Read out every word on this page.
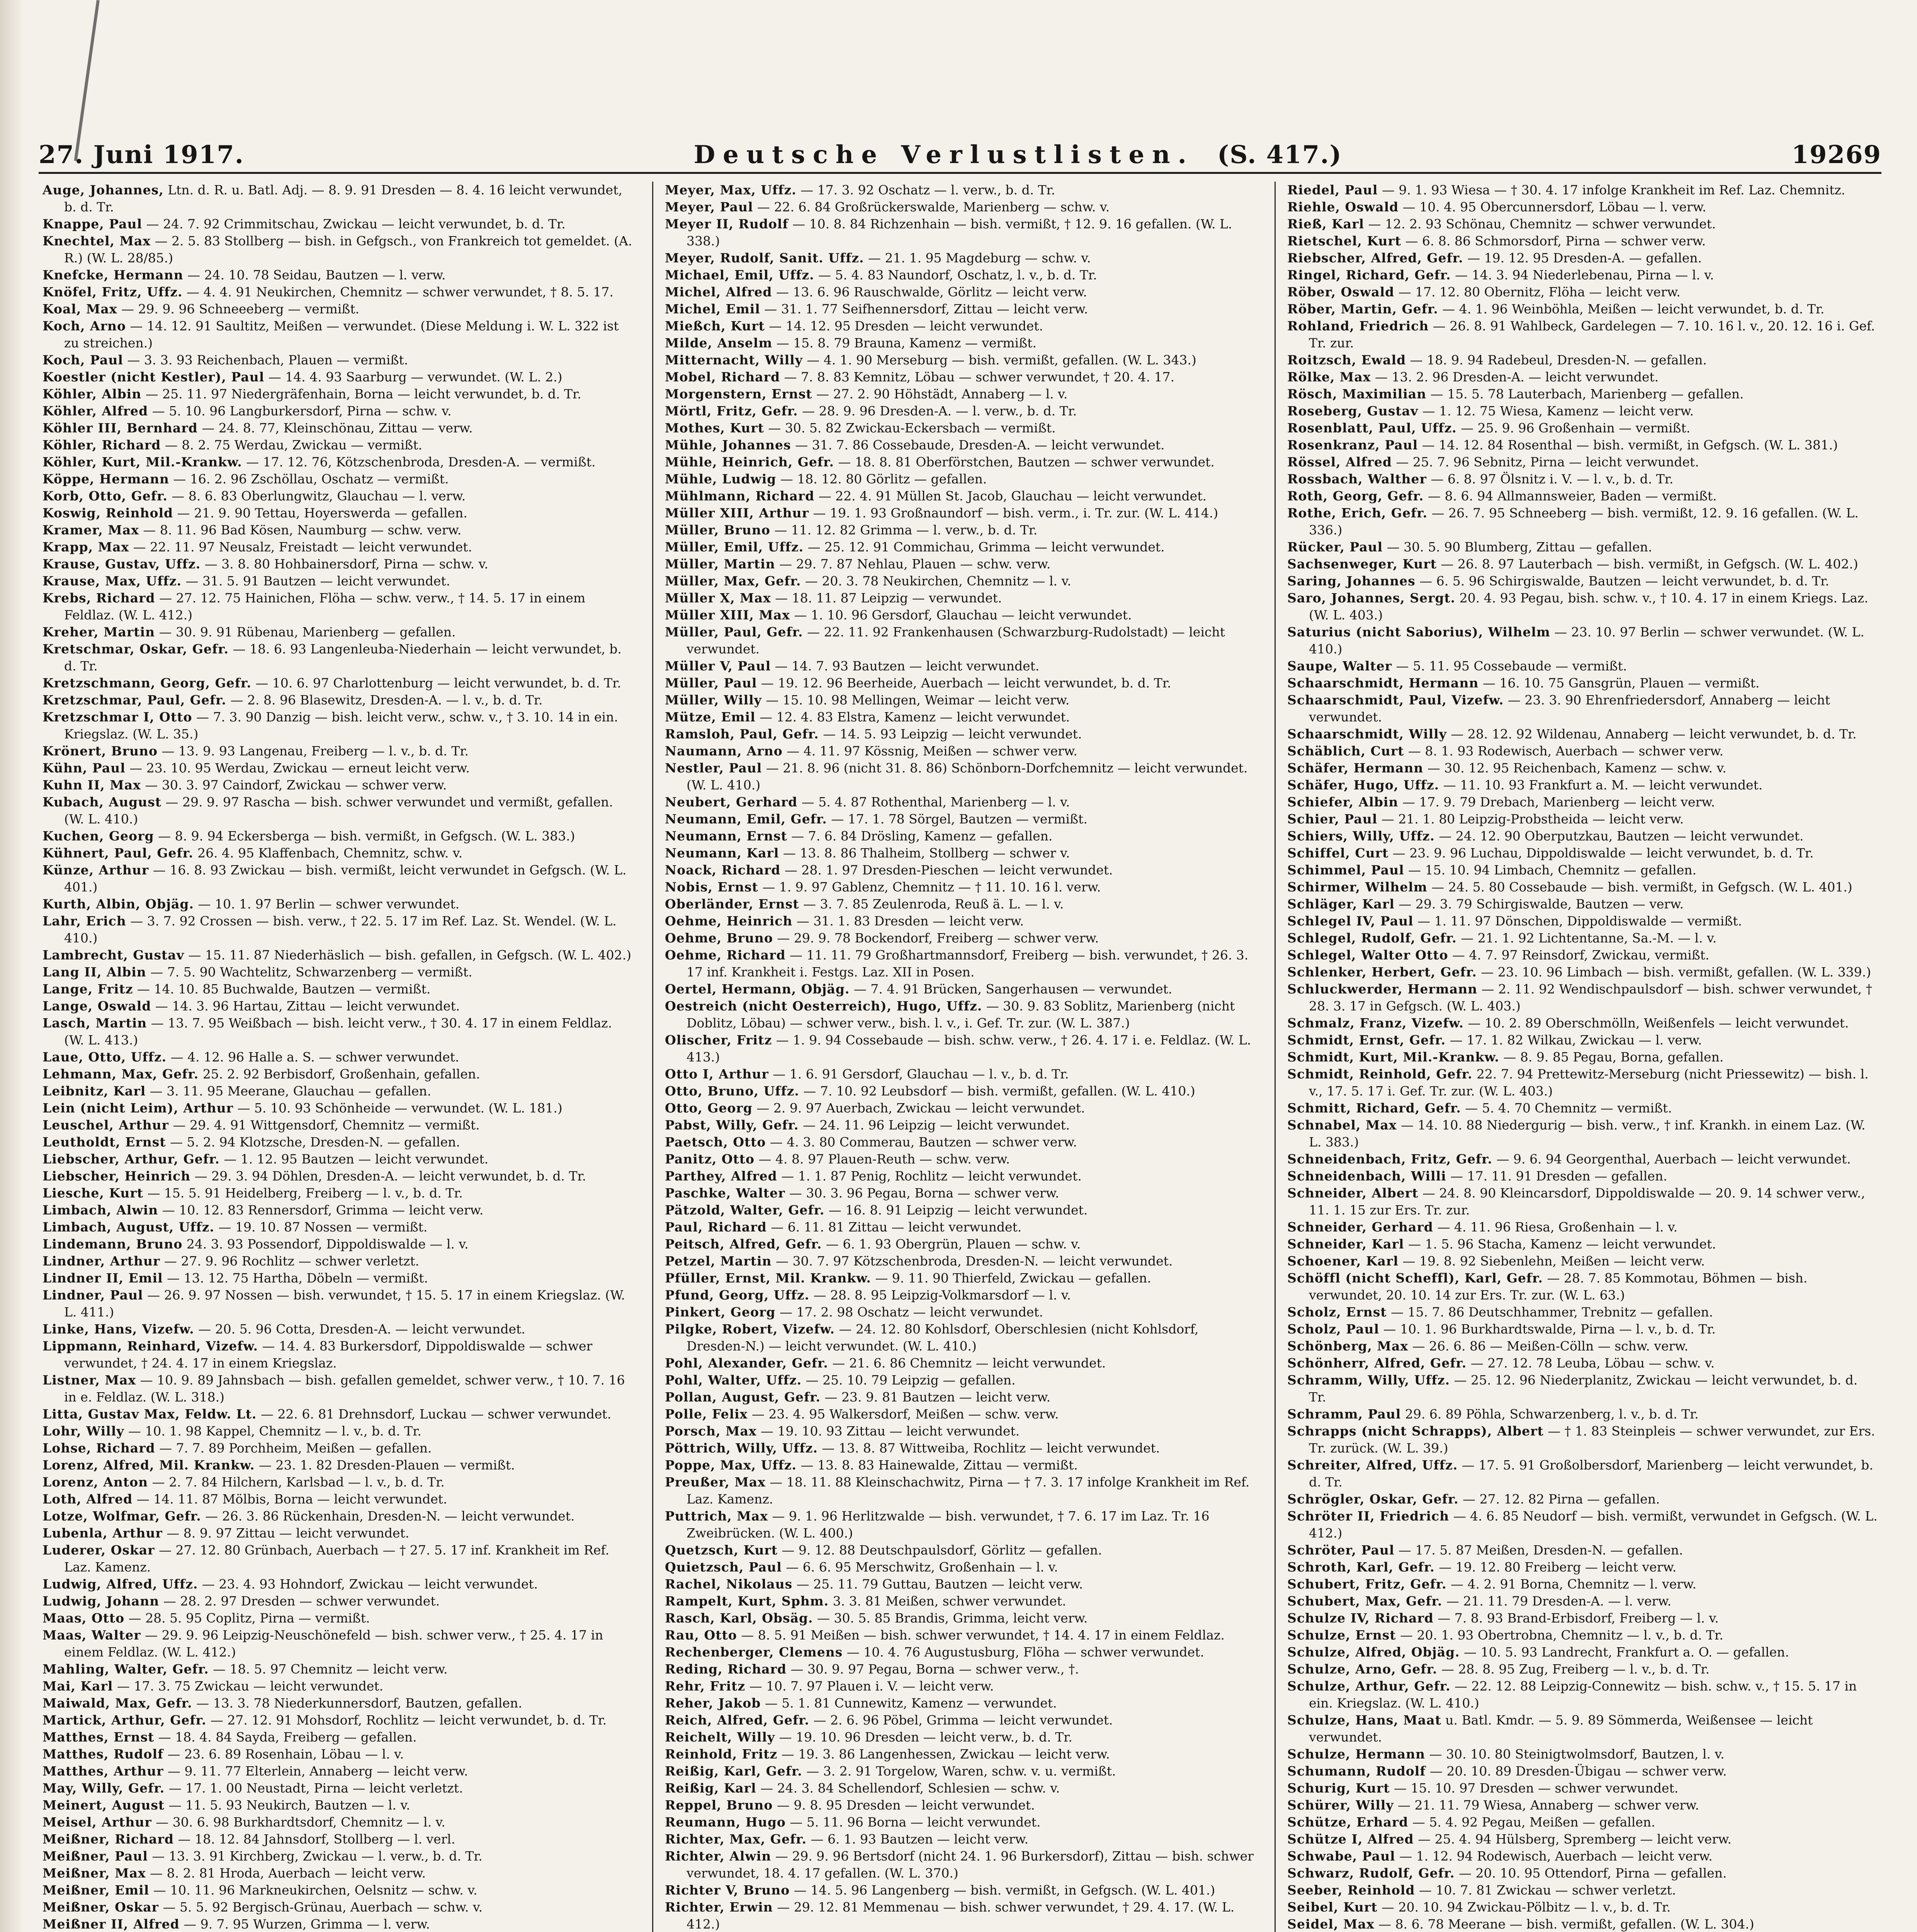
27. Juni 1917.	Deutsche Verlustlisten. (S. 417.)	19269

Auge, Johannes, Ltn. d. R. u. Batl. Adj. — 8. 9. 91 Dresden — 8. 4. 16 leicht verwundet, b. d. Tr.

Knappe, Paul — 24. 7. 92 Crimmitschau, Zwickau — leicht verwundet, b. d. Tr.

Knechtel, Max — 2. 5. 83 Stollberg — bish. in Gefgsch., von Frankreich tot gemeldet. (A. R.) (W. L. 28/85.)

Knefcke, Hermann — 24. 10. 78 Seidau, Bautzen — l. verw.

Knöfel, Fritz, Uffz. — 4. 4. 91 Neukirchen, Chemnitz — schwer verwundet, † 8. 5. 17.

Koal, Max — 29. 9. 96 Schneeeberg — vermißt.

Koch, Arno — 14. 12. 91 Saultitz, Meißen — verwundet. (Diese Meldung i. W. L. 322 ist zu streichen.)

Koch, Paul — 3. 3. 93 Reichenbach, Plauen — vermißt.

Koestler (nicht Kestler), Paul — 14. 4. 93 Saarburg — verwundet. (W. L. 2.)

Köhler, Albin — 25. 11. 97 Niedergräfenhain, Borna — leicht verwundet, b. d. Tr.

Köhler, Alfred — 5. 10. 96 Langburkersdorf, Pirna — schw. v.

Köhler III, Bernhard — 24. 8. 77, Kleinschönau, Zittau — verw.

Köhler, Richard — 8. 2. 75 Werdau, Zwickau — vermißt.

Köhler, Kurt, Mil.-Krankw. — 17. 12. 76, Kötzschenbroda, Dresden-A. — vermißt.

Köppe, Hermann — 16. 2. 96 Zschöllau, Oschatz — vermißt.

Korb, Otto, Gefr. — 8. 6. 83 Oberlungwitz, Glauchau — l. verw.

Koswig, Reinhold — 21. 9. 90 Tettau, Hoyerswerda — gefallen.

Kramer, Max — 8. 11. 96 Bad Kösen, Naumburg — schw. verw.

Krapp, Max — 22. 11. 97 Neusalz, Freistadt — leicht verwundet.

Krause, Gustav, Uffz. — 3. 8. 80 Hohbainersdorf, Pirna — schw. v.

Krause, Max, Uffz. — 31. 5. 91 Bautzen — leicht verwundet.

Krebs, Richard — 27. 12. 75 Hainichen, Flöha — schw. verw., † 14. 5. 17 in einem Feldlaz. (W. L. 412.)

Kreher, Martin — 30. 9. 91 Rübenau, Marienberg — gefallen.

Kretschmar, Oskar, Gefr. — 18. 6. 93 Langenleuba-Niederhain — leicht verwundet, b. d. Tr.

Kretzschmann, Georg, Gefr. — 10. 6. 97 Charlottenburg — leicht verwundet, b. d. Tr.

Kretzschmar, Paul, Gefr. — 2. 8. 96 Blasewitz, Dresden-A. — l. v., b. d. Tr.

Kretzschmar I, Otto — 7. 3. 90 Danzig — bish. leicht verw., schw. v., † 3. 10. 14 in ein. Kriegslaz. (W. L. 35.)

Krönert, Bruno — 13. 9. 93 Langenau, Freiberg — l. v., b. d. Tr.

Kühn, Paul — 23. 10. 95 Werdau, Zwickau — erneut leicht verw.

Kuhn II, Max — 30. 3. 97 Caindorf, Zwickau — schwer verw.

Kubach, August — 29. 9. 97 Rascha — bish. schwer verwundet und vermißt, gefallen. (W. L. 410.)

Kuchen, Georg — 8. 9. 94 Eckersberga — bish. vermißt, in Gefgsch. (W. L. 383.)

Kühnert, Paul, Gefr. 26. 4. 95 Klaffenbach, Chemnitz, schw. v.

Künze, Arthur — 16. 8. 93 Zwickau — bish. vermißt, leicht verwundet in Gefgsch. (W. L. 401.)

Kurth, Albin, Objäg. — 10. 1. 97 Berlin — schwer verwundet.

Lahr, Erich — 3. 7. 92 Crossen — bish. verw., † 22. 5. 17 im Ref. Laz. St. Wendel. (W. L. 410.)

Lambrecht, Gustav — 15. 11. 87 Niederhäslich — bish. gefallen, in Gefgsch. (W. L. 402.)

Lang II, Albin — 7. 5. 90 Wachtelitz, Schwarzenberg — vermißt.

Lange, Fritz — 14. 10. 85 Buchwalde, Bautzen — vermißt.

Lange, Oswald — 14. 3. 96 Hartau, Zittau — leicht verwundet.

Lasch, Martin — 13. 7. 95 Weißbach — bish. leicht verw., † 30. 4. 17 in einem Feldlaz. (W. L. 413.)

Laue, Otto, Uffz. — 4. 12. 96 Halle a. S. — schwer verwundet.

Lehmann, Max, Gefr. 25. 2. 92 Berbisdorf, Großenhain, gefallen.

Leibnitz, Karl — 3. 11. 95 Meerane, Glauchau — gefallen.

Lein (nicht Leim), Arthur — 5. 10. 93 Schönheide — verwundet. (W. L. 181.)

Leuschel, Arthur — 29. 4. 91 Wittgensdorf, Chemnitz — vermißt.

Leutholdt, Ernst — 5. 2. 94 Klotzsche, Dresden-N. — gefallen.

Liebscher, Arthur, Gefr. — 1. 12. 95 Bautzen — leicht verwundet.

Liebscher, Heinrich — 29. 3. 94 Döhlen, Dresden-A. — leicht verwundet, b. d. Tr.

Liesche, Kurt — 15. 5. 91 Heidelberg, Freiberg — l. v., b. d. Tr.

Limbach, Alwin — 10. 12. 83 Rennersdorf, Grimma — leicht verw.

Limbach, August, Uffz. — 19. 10. 87 Nossen — vermißt.

Lindemann, Bruno 24. 3. 93 Possendorf, Dippoldiswalde — l. v.

Lindner, Arthur — 27. 9. 96 Rochlitz — schwer verletzt.

Lindner II, Emil — 13. 12. 75 Hartha, Döbeln — vermißt.

Lindner, Paul — 26. 9. 97 Nossen — bish. verwundet, † 15. 5. 17 in einem Kriegslaz. (W. L. 411.)

Linke, Hans, Vizefw. — 20. 5. 96 Cotta, Dresden-A. — leicht verwundet.

Lippmann, Reinhard, Vizefw. — 14. 4. 83 Burkersdorf, Dippoldiswalde — schwer verwundet, † 24. 4. 17 in einem Kriegslaz.

Listner, Max — 10. 9. 89 Jahnsbach — bish. gefallen gemeldet, schwer verw., † 10. 7. 16 in e. Feldlaz. (W. L. 318.)

Litta, Gustav Max, Feldw. Lt. — 22. 6. 81 Drehnsdorf, Luckau — schwer verwundet.

Lohr, Willy — 10. 1. 98 Kappel, Chemnitz — l. v., b. d. Tr.

Lohse, Richard — 7. 7. 89 Porchheim, Meißen — gefallen.

Lorenz, Alfred, Mil. Krankw. — 23. 1. 82 Dresden-Plauen — vermißt.

Lorenz, Anton — 2. 7. 84 Hilchern, Karlsbad — l. v., b. d. Tr.

Loth, Alfred — 14. 11. 87 Mölbis, Borna — leicht verwundet.

Lotze, Wolfmar, Gefr. — 26. 3. 86 Rückenhain, Dresden-N. — leicht verwundet.

Lubenla, Arthur — 8. 9. 97 Zittau — leicht verwundet.

Luderer, Oskar — 27. 12. 80 Grünbach, Auerbach — † 27. 5. 17 inf. Krankheit im Ref. Laz. Kamenz.

Ludwig, Alfred, Uffz. — 23. 4. 93 Hohndorf, Zwickau — leicht verwundet.

Ludwig, Johann — 28. 2. 97 Dresden — schwer verwundet.

Maas, Otto — 28. 5. 95 Coplitz, Pirna — vermißt.

Maas, Walter — 29. 9. 96 Leipzig-Neuschönefeld — bish. schwer verw., † 25. 4. 17 in einem Feldlaz. (W. L. 412.)

Mahling, Walter, Gefr. — 18. 5. 97 Chemnitz — leicht verw.

Mai, Karl — 17. 3. 75 Zwickau — leicht verwundet.

Maiwald, Max, Gefr. — 13. 3. 78 Niederkunnersdorf, Bautzen, gefallen.

Martick, Arthur, Gefr. — 27. 12. 91 Mohsdorf, Rochlitz — leicht verwundet, b. d. Tr.

Matthes, Ernst — 18. 4. 84 Sayda, Freiberg — gefallen.

Matthes, Rudolf — 23. 6. 89 Rosenhain, Löbau — l. v.

Matthes, Arthur — 9. 11. 77 Elterlein, Annaberg — leicht verw.

May, Willy, Gefr. — 17. 1. 00 Neustadt, Pirna — leicht verletzt.

Meinert, August — 11. 5. 93 Neukirch, Bautzen — l. v.

Meisel, Arthur — 30. 6. 98 Burkhardtsdorf, Chemnitz — l. v.

Meißner, Richard — 18. 12. 84 Jahnsdorf, Stollberg — l. verl.

Meißner, Paul — 13. 3. 91 Kirchberg, Zwickau — l. verw., b. d. Tr.

Meißner, Max — 8. 2. 81 Hroda, Auerbach — leicht verw.

Meißner, Emil — 10. 11. 96 Markneukirchen, Oelsnitz — schw. v.

Meißner, Oskar — 5. 5. 92 Bergisch-Grünau, Auerbach — schw. v.

Meißner II, Alfred — 9. 7. 95 Wurzen, Grimma — l. verw.

Meyer, Max, Uffz. — 17. 3. 92 Oschatz — l. verw., b. d. Tr.

Meyer, Paul — 22. 6. 84 Großrückerswalde, Marienberg — schw. v.

Meyer II, Rudolf — 10. 8. 84 Richzenhain — bish. vermißt, † 12. 9. 16 gefallen. (W. L. 338.)

Meyer, Rudolf, Sanit. Uffz. — 21. 1. 95 Magdeburg — schw. v.

Michael, Emil, Uffz. — 5. 4. 83 Naundorf, Oschatz, l. v., b. d. Tr.

Michel, Alfred — 13. 6. 96 Rauschwalde, Görlitz — leicht verw.

Michel, Emil — 31. 1. 77 Seifhennersdorf, Zittau — leicht verw.

Mießch, Kurt — 14. 12. 95 Dresden — leicht verwundet.

Milde, Anselm — 15. 8. 79 Brauna, Kamenz — vermißt.

Mitternacht, Willy — 4. 1. 90 Merseburg — bish. vermißt, gefallen. (W. L. 343.)

Mobel, Richard — 7. 8. 83 Kemnitz, Löbau — schwer verwundet, † 20. 4. 17.

Morgenstern, Ernst — 27. 2. 90 Höhstädt, Annaberg — l. v.

Mörtl, Fritz, Gefr. — 28. 9. 96 Dresden-A. — l. verw., b. d. Tr.

Mothes, Kurt — 30. 5. 82 Zwickau-Eckersbach — vermißt.

Mühle, Johannes — 31. 7. 86 Cossebaude, Dresden-A. — leicht verwundet.

Mühle, Heinrich, Gefr. — 18. 8. 81 Oberförstchen, Bautzen — schwer verwundet.

Mühle, Ludwig — 18. 12. 80 Görlitz — gefallen.

Mühlmann, Richard — 22. 4. 91 Müllen St. Jacob, Glauchau — leicht verwundet.

Müller XIII, Arthur — 19. 1. 93 Großnaundorf — bish. verm., i. Tr. zur. (W. L. 414.)

Müller, Bruno — 11. 12. 82 Grimma — l. verw., b. d. Tr.

Müller, Emil, Uffz. — 25. 12. 91 Commichau, Grimma — leicht verwundet.

Müller, Martin — 29. 7. 87 Nehlau, Plauen — schw. verw.

Müller, Max, Gefr. — 20. 3. 78 Neukirchen, Chemnitz — l. v.

Müller X, Max — 18. 11. 87 Leipzig — verwundet.

Müller XIII, Max — 1. 10. 96 Gersdorf, Glauchau — leicht verwundet.

Müller, Paul, Gefr. — 22. 11. 92 Frankenhausen (Schwarzburg-Rudolstadt) — leicht verwundet.

Müller V, Paul — 14. 7. 93 Bautzen — leicht verwundet.

Müller, Paul — 19. 12. 96 Beerheide, Auerbach — leicht verwundet, b. d. Tr.

Müller, Willy — 15. 10. 98 Mellingen, Weimar — leicht verw.

Mütze, Emil — 12. 4. 83 Elstra, Kamenz — leicht verwundet.

Ramsloh, Paul, Gefr. — 14. 5. 93 Leipzig — leicht verwundet.

Naumann, Arno — 4. 11. 97 Kössnig, Meißen — schwer verw.

Nestler, Paul — 21. 8. 96 (nicht 31. 8. 86) Schönborn-Dorfchemnitz — leicht verwundet. (W. L. 410.)

Neubert, Gerhard — 5. 4. 87 Rothenthal, Marienberg — l. v.

Neumann, Emil, Gefr. — 17. 1. 78 Sörgel, Bautzen — vermißt.

Neumann, Ernst — 7. 6. 84 Drösling, Kamenz — gefallen.

Neumann, Karl — 13. 8. 86 Thalheim, Stollberg — schwer v.

Noack, Richard — 28. 1. 97 Dresden-Pieschen — leicht verwundet.

Nobis, Ernst — 1. 9. 97 Gablenz, Chemnitz — † 11. 10. 16 l. verw.

Oberländer, Ernst — 3. 7. 85 Zeulenroda, Reuß ä. L. — l. v.

Oehme, Heinrich — 31. 1. 83 Dresden — leicht verw.

Oehme, Bruno — 29. 9. 78 Bockendorf, Freiberg — schwer verw.

Oehme, Richard — 11. 11. 79 Großhartmannsdorf, Freiberg — bish. verwundet, † 26. 3. 17 inf. Krankheit i. Festgs. Laz. XII in Posen.

Oertel, Hermann, Objäg. — 7. 4. 91 Brücken, Sangerhausen — verwundet.

Oestreich (nicht Oesterreich), Hugo, Uffz. — 30. 9. 83 Soblitz, Marienberg (nicht Doblitz, Löbau) — schwer verw., bish. l. v., i. Gef. Tr. zur. (W. L. 387.)

Olischer, Fritz — 1. 9. 94 Cossebaude — bish. schw. verw., † 26. 4. 17 i. e. Feldlaz. (W. L. 413.)

Otto I, Arthur — 1. 6. 91 Gersdorf, Glauchau — l. v., b. d. Tr.

Otto, Bruno, Uffz. — 7. 10. 92 Leubsdorf — bish. vermißt, gefallen. (W. L. 410.)

Otto, Georg — 2. 9. 97 Auerbach, Zwickau — leicht verwundet.

Pabst, Willy, Gefr. — 24. 11. 96 Leipzig — leicht verwundet.

Paetsch, Otto — 4. 3. 80 Commerau, Bautzen — schwer verw.

Panitz, Otto — 4. 8. 97 Plauen-Reuth — schw. verw.

Parthey, Alfred — 1. 1. 87 Penig, Rochlitz — leicht verwundet.

Paschke, Walter — 30. 3. 96 Pegau, Borna — schwer verw.

Pätzold, Walter, Gefr. — 16. 8. 91 Leipzig — leicht verwundet.

Paul, Richard — 6. 11. 81 Zittau — leicht verwundet.

Peitsch, Alfred, Gefr. — 6. 1. 93 Obergrün, Plauen — schw. v.

Petzel, Martin — 30. 7. 97 Kötzschenbroda, Dresden-N. — leicht verwundet.

Pfüller, Ernst, Mil. Krankw. — 9. 11. 90 Thierfeld, Zwickau — gefallen.

Pfund, Georg, Uffz. — 28. 8. 95 Leipzig-Volkmarsdorf — l. v.

Pinkert, Georg — 17. 2. 98 Oschatz — leicht verwundet.

Pilgke, Robert, Vizefw. — 24. 12. 80 Kohlsdorf, Oberschlesien (nicht Kohlsdorf, Dresden-N.) — leicht verwundet. (W. L. 410.)

Pohl, Alexander, Gefr. — 21. 6. 86 Chemnitz — leicht verwundet.

Pohl, Walter, Uffz. — 25. 10. 79 Leipzig — gefallen.

Pollan, August, Gefr. — 23. 9. 81 Bautzen — leicht verw.

Polle, Felix — 23. 4. 95 Walkersdorf, Meißen — schw. verw.

Porsch, Max — 19. 10. 93 Zittau — leicht verwundet.

Pöttrich, Willy, Uffz. — 13. 8. 87 Wittweiba, Rochlitz — leicht verwundet.

Poppe, Max, Uffz. — 13. 8. 83 Hainewalde, Zittau — vermißt.

Preußer, Max — 18. 11. 88 Kleinschachwitz, Pirna — † 7. 3. 17 infolge Krankheit im Ref. Laz. Kamenz.

Puttrich, Max — 9. 1. 96 Herlitzwalde — bish. verwundet, † 7. 6. 17 im Laz. Tr. 16 Zweibrücken. (W. L. 400.)

Quetzsch, Kurt — 9. 12. 88 Deutschpaulsdorf, Görlitz — gefallen.

Quietzsch, Paul — 6. 6. 95 Merschwitz, Großenhain — l. v.

Rachel, Nikolaus — 25. 11. 79 Guttau, Bautzen — leicht verw.

Rampelt, Kurt, Sphm. 3. 3. 81 Meißen, schwer verwundet.

Rasch, Karl, Obsäg. — 30. 5. 85 Brandis, Grimma, leicht verw.

Rau, Otto — 8. 5. 91 Meißen — bish. schwer verwundet, † 14. 4. 17 in einem Feldlaz.

Rechenberger, Clemens — 10. 4. 76 Augustusburg, Flöha — schwer verwundet.

Reding, Richard — 30. 9. 97 Pegau, Borna — schwer verw., †.

Rehr, Fritz — 10. 7. 97 Plauen i. V. — leicht verw.

Reher, Jakob — 5. 1. 81 Cunnewitz, Kamenz — verwundet.

Reich, Alfred, Gefr. — 2. 6. 96 Pöbel, Grimma — leicht verwundet.

Reichelt, Willy — 19. 10. 96 Dresden — leicht verw., b. d. Tr.

Reinhold, Fritz — 19. 3. 86 Langenhessen, Zwickau — leicht verw.

Reißig, Karl, Gefr. — 3. 2. 91 Torgelow, Waren, schw. v. u. vermißt.

Reißig, Karl — 24. 3. 84 Schellendorf, Schlesien — schw. v.

Reppel, Bruno — 9. 8. 95 Dresden — leicht verwundet.

Reumann, Hugo — 5. 11. 96 Borna — leicht verwundet.

Richter, Max, Gefr. — 6. 1. 93 Bautzen — leicht verw.

Richter, Alwin — 29. 9. 96 Bertsdorf (nicht 24. 1. 96 Burkersdorf), Zittau — bish. schwer verwundet, 18. 4. 17 gefallen. (W. L. 370.)

Richter V, Bruno — 14. 5. 96 Langenberg — bish. vermißt, in Gefgsch. (W. L. 401.)

Richter, Erwin — 29. 12. 81 Memmenau — bish. schwer verwundet, † 29. 4. 17. (W. L. 412.)

Riedel, Paul — 9. 1. 93 Wiesa — † 30. 4. 17 infolge Krankheit im Ref. Laz. Chemnitz.

Riehle, Oswald — 10. 4. 95 Obercunnersdorf, Löbau — l. verw.

Rieß, Karl — 12. 2. 93 Schönau, Chemnitz — schwer verwundet.

Rietschel, Kurt — 6. 8. 86 Schmorsdorf, Pirna — schwer verw.

Riebscher, Alfred, Gefr. — 19. 12. 95 Dresden-A. — gefallen.

Ringel, Richard, Gefr. — 14. 3. 94 Niederlebenau, Pirna — l. v.

Röber, Oswald — 17. 12. 80 Obernitz, Flöha — leicht verw.

Röber, Martin, Gefr. — 4. 1. 96 Weinböhla, Meißen — leicht verwundet, b. d. Tr.

Rohland, Friedrich — 26. 8. 91 Wahlbeck, Gardelegen — 7. 10. 16 l. v., 20. 12. 16 i. Gef. Tr. zur.

Roitzsch, Ewald — 18. 9. 94 Radebeul, Dresden-N. — gefallen.

Rölke, Max — 13. 2. 96 Dresden-A. — leicht verwundet.

Rösch, Maximilian — 15. 5. 78 Lauterbach, Marienberg — gefallen.

Roseberg, Gustav — 1. 12. 75 Wiesa, Kamenz — leicht verw.

Rosenblatt, Paul, Uffz. — 25. 9. 96 Großenhain — vermißt.

Rosenkranz, Paul — 14. 12. 84 Rosenthal — bish. vermißt, in Gefgsch. (W. L. 381.)

Rössel, Alfred — 25. 7. 96 Sebnitz, Pirna — leicht verwundet.

Rossbach, Walther — 6. 8. 97 Ölsnitz i. V. — l. v., b. d. Tr.

Roth, Georg, Gefr. — 8. 6. 94 Allmannsweier, Baden — vermißt.

Rothe, Erich, Gefr. — 26. 7. 95 Schneeberg — bish. vermißt, 12. 9. 16 gefallen. (W. L. 336.)

Rücker, Paul — 30. 5. 90 Blumberg, Zittau — gefallen.

Sachsenweger, Kurt — 26. 8. 97 Lauterbach — bish. vermißt, in Gefgsch. (W. L. 402.)

Saring, Johannes — 6. 5. 96 Schirgiswalde, Bautzen — leicht verwundet, b. d. Tr.

Saro, Johannes, Sergt. 20. 4. 93 Pegau, bish. schw. v., † 10. 4. 17 in einem Kriegs. Laz. (W. L. 403.)

Saturius (nicht Saborius), Wilhelm — 23. 10. 97 Berlin — schwer verwundet. (W. L. 410.)

Saupe, Walter — 5. 11. 95 Cossebaude — vermißt.

Schaarschmidt, Hermann — 16. 10. 75 Gansgrün, Plauen — vermißt.

Schaarschmidt, Paul, Vizefw. — 23. 3. 90 Ehrenfriedersdorf, Annaberg — leicht verwundet.

Schaarschmidt, Willy — 28. 12. 92 Wildenau, Annaberg — leicht verwundet, b. d. Tr.

Schäblich, Curt — 8. 1. 93 Rodewisch, Auerbach — schwer verw.

Schäfer, Hermann — 30. 12. 95 Reichenbach, Kamenz — schw. v.

Schäfer, Hugo, Uffz. — 11. 10. 93 Frankfurt a. M. — leicht verwundet.

Schiefer, Albin — 17. 9. 79 Drebach, Marienberg — leicht verw.

Schier, Paul — 21. 1. 80 Leipzig-Probstheida — leicht verw.

Schiers, Willy, Uffz. — 24. 12. 90 Oberputzkau, Bautzen — leicht verwundet.

Schiffel, Curt — 23. 9. 96 Luchau, Dippoldiswalde — leicht verwundet, b. d. Tr.

Schimmel, Paul — 15. 10. 94 Limbach, Chemnitz — gefallen.

Schirmer, Wilhelm — 24. 5. 80 Cossebaude — bish. vermißt, in Gefgsch. (W. L. 401.)

Schläger, Karl — 29. 3. 79 Schirgiswalde, Bautzen — verw.

Schlegel IV, Paul — 1. 11. 97 Dönschen, Dippoldiswalde — vermißt.

Schlegel, Rudolf, Gefr. — 21. 1. 92 Lichtentanne, Sa.-M. — l. v.

Schlegel, Walter Otto — 4. 7. 97 Reinsdorf, Zwickau, vermißt.

Schlenker, Herbert, Gefr. — 23. 10. 96 Limbach — bish. vermißt, gefallen. (W. L. 339.)

Schluckwerder, Hermann — 2. 11. 92 Wendischpaulsdorf — bish. schwer verwundet, † 28. 3. 17 in Gefgsch. (W. L. 403.)

Schmalz, Franz, Vizefw. — 10. 2. 89 Oberschmölln, Weißenfels — leicht verwundet.

Schmidt, Ernst, Gefr. — 17. 1. 82 Wilkau, Zwickau — l. verw.

Schmidt, Kurt, Mil.-Krankw. — 8. 9. 85 Pegau, Borna, gefallen.

Schmidt, Reinhold, Gefr. 22. 7. 94 Prettewitz-Merseburg (nicht Priessewitz) — bish. l. v., 17. 5. 17 i. Gef. Tr. zur. (W. L. 403.)

Schmitt, Richard, Gefr. — 5. 4. 70 Chemnitz — vermißt.

Schnabel, Max — 14. 10. 88 Niedergurig — bish. verw., † inf. Krankh. in einem Laz. (W. L. 383.)

Schneidenbach, Fritz, Gefr. — 9. 6. 94 Georgenthal, Auerbach — leicht verwundet.

Schneidenbach, Willi — 17. 11. 91 Dresden — gefallen.

Schneider, Albert — 24. 8. 90 Kleincarsdorf, Dippoldiswalde — 20. 9. 14 schwer verw., 11. 1. 15 zur Ers. Tr. zur.

Schneider, Gerhard — 4. 11. 96 Riesa, Großenhain — l. v.

Schneider, Karl — 1. 5. 96 Stacha, Kamenz — leicht verwundet.

Schoener, Karl — 19. 8. 92 Siebenlehn, Meißen — leicht verw.

Schöffl (nicht Scheffl), Karl, Gefr. — 28. 7. 85 Kommotau, Böhmen — bish. verwundet, 20. 10. 14 zur Ers. Tr. zur. (W. L. 63.)

Scholz, Ernst — 15. 7. 86 Deutschhammer, Trebnitz — gefallen.

Scholz, Paul — 10. 1. 96 Burkhardtswalde, Pirna — l. v., b. d. Tr.

Schönberg, Max — 26. 6. 86 — Meißen-Cölln — schw. verw.

Schönherr, Alfred, Gefr. — 27. 12. 78 Leuba, Löbau — schw. v.

Schramm, Willy, Uffz. — 25. 12. 96 Niederplanitz, Zwickau — leicht verwundet, b. d. Tr.

Schramm, Paul 29. 6. 89 Pöhla, Schwarzenberg, l. v., b. d. Tr.

Schrapps (nicht Schrapps), Albert — † 1. 83 Steinpleis — schwer verwundet, zur Ers. Tr. zurück. (W. L. 39.)

Schreiter, Alfred, Uffz. — 17. 5. 91 Großolbersdorf, Marienberg — leicht verwundet, b. d. Tr.

Schrögler, Oskar, Gefr. — 27. 12. 82 Pirna — gefallen.

Schröter II, Friedrich — 4. 6. 85 Neudorf — bish. vermißt, verwundet in Gefgsch. (W. L. 412.)

Schröter, Paul — 17. 5. 87 Meißen, Dresden-N. — gefallen.

Schroth, Karl, Gefr. — 19. 12. 80 Freiberg — leicht verw.

Schubert, Fritz, Gefr. — 4. 2. 91 Borna, Chemnitz — l. verw.

Schubert, Max, Gefr. — 21. 11. 79 Dresden-A. — l. verw.

Schulze IV, Richard — 7. 8. 93 Brand-Erbisdorf, Freiberg — l. v.

Schulze, Ernst — 20. 1. 93 Obertrobna, Chemnitz — l. v., b. d. Tr.

Schulze, Alfred, Objäg. — 10. 5. 93 Landrecht, Frankfurt a. O. — gefallen.

Schulze, Arno, Gefr. — 28. 8. 95 Zug, Freiberg — l. v., b. d. Tr.

Schulze, Arthur, Gefr. — 22. 12. 88 Leipzig-Connewitz — bish. schw. v., † 15. 5. 17 in ein. Kriegslaz. (W. L. 410.)

Schulze, Hans, Maat u. Batl. Kmdr. — 5. 9. 89 Sömmerda, Weißensee — leicht verwundet.

Schulze, Hermann — 30. 10. 80 Steinigtwolmsdorf, Bautzen, l. v.

Schumann, Rudolf — 20. 10. 89 Dresden-Übigau — schwer verw.

Schurig, Kurt — 15. 10. 97 Dresden — schwer verwundet.

Schürer, Willy — 21. 11. 79 Wiesa, Annaberg — schwer verw.

Schütze, Erhard — 5. 4. 92 Pegau, Meißen — gefallen.

Schütze I, Alfred — 25. 4. 94 Hülsberg, Spremberg — leicht verw.

Schwabe, Paul — 1. 12. 94 Rodewisch, Auerbach — leicht verw.

Schwarz, Rudolf, Gefr. — 20. 10. 95 Ottendorf, Pirna — gefallen.

Seeber, Reinhold — 10. 7. 81 Zwickau — schwer verletzt.

Seibel, Kurt — 20. 10. 94 Zwickau-Pölbitz — l. v., b. d. Tr.

Seidel, Max — 8. 6. 78 Meerane — bish. vermißt, gefallen. (W. L. 304.)
